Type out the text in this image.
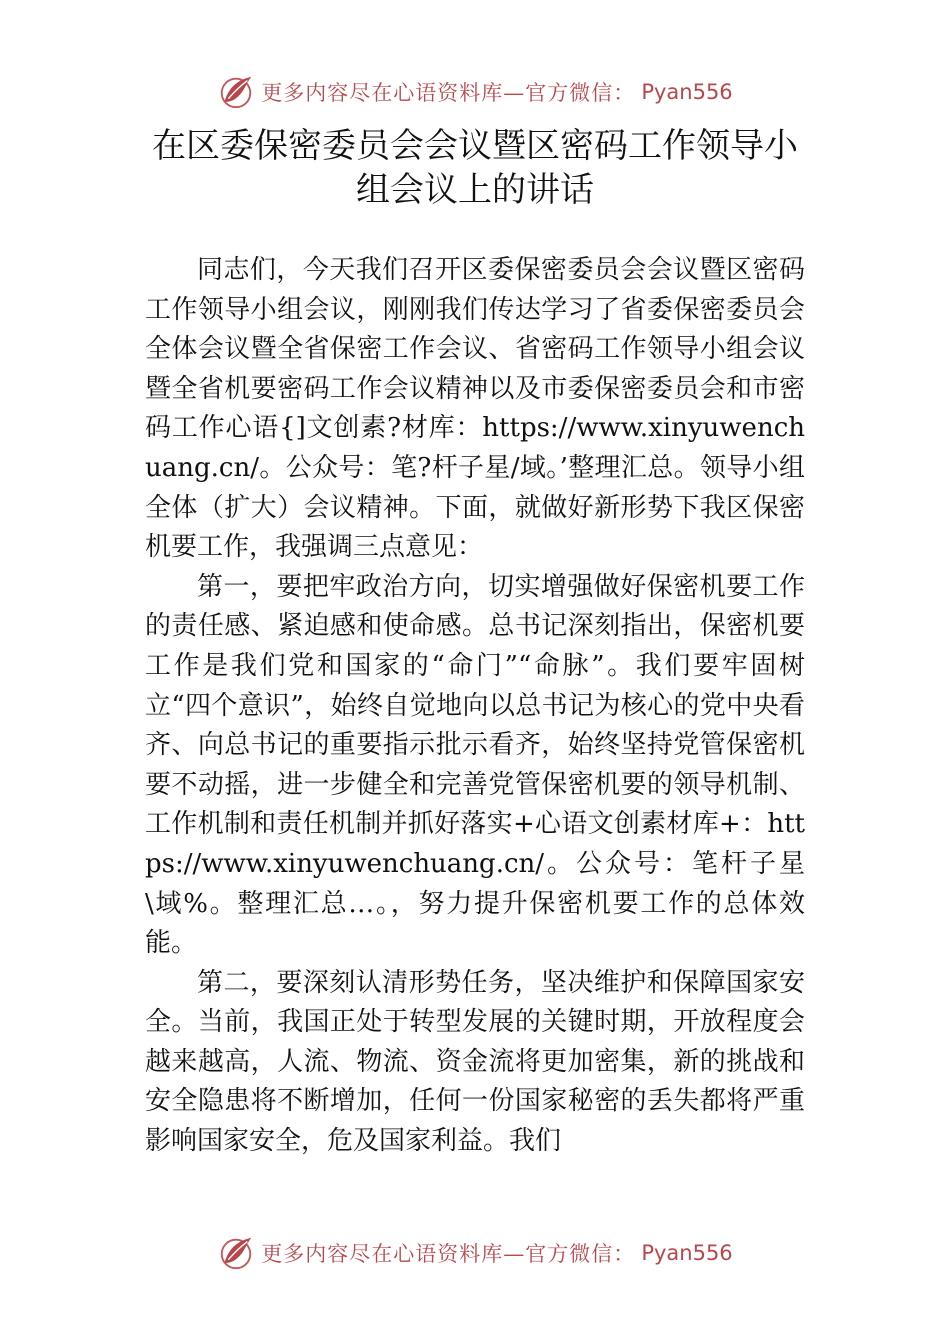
更多内容尽在心语资料库—官方微信： Pyan556
在区委保密委员会会议暨区密码工作领导小组会议上的讲话

同志们，今天我们召开区委保密委员会会议暨区密码工作领导小组会议，刚刚我们传达学习了省委保密委员会全体会议暨全省保密工作会议、省密码工作领导小组会议暨全省机要密码工作会议精神以及市委保密委员会和市密码工作心语{]文创素?材库：https://www.xinyuwenchuang.cn/。公众号：笔?杆子星/域。’整理汇总。领导小组全体（扩大）会议精神。下面，就做好新形势下我区保密机要工作，我强调三点意见：

第一，要把牢政治方向，切实增强做好保密机要工作的责任感、紧迫感和使命感。总书记深刻指出，保密机要工作是我们党和国家的“命门”“命脉”。我们要牢固树立“四个意识”，始终自觉地向以总书记为核心的党中央看齐、向总书记的重要指示批示看齐，始终坚持党管保密机要不动摇，进一步健全和完善党管保密机要的领导机制、工作机制和责任机制并抓好落实+心语文创素材库+：https://www.xinyuwenchuang.cn/。公众号：笔杆子星\域%。整理汇总…。，努力提升保密机要工作的总体效能。

第二，要深刻认清形势任务，坚决维护和保障国家安全。当前，我国正处于转型发展的关键时期，开放程度会越来越高，人流、物流、资金流将更加密集，新的挑战和安全隐患将不断增加，任何一份国家秘密的丢失都将严重影响国家安全，危及国家利益。我们

更多内容尽在心语资料库—官方微信： Pyan556
